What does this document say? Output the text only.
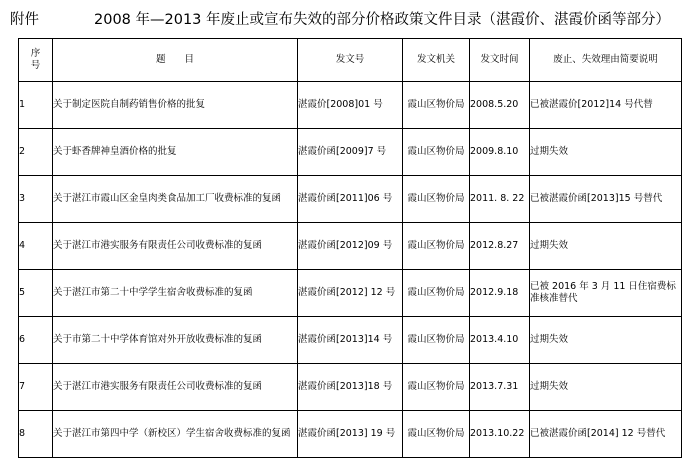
附件	2008 年—2013 年废止或宣布失效的部分价格政策文件目录（湛霞价、湛霞价函等部分）
序
号	题　　目	发文号	发文机关	发文时间	废止、失效理由简要说明
1	关于制定医院自制药销售价格的批复	湛霞价[2008]01 号	霞山区物价局	2008.5.20	已被湛霞价[2012]14 号代替
2	关于虾香牌神皇酒价格的批复	湛霞价函[2009]7 号	霞山区物价局	2009.8.10	过期失效
3	关于湛江市霞山区金皇肉类食品加工厂收费标准的复函	湛霞价函[2011]06 号	霞山区物价局	2011. 8. 22	已被湛霞价函[2013]15 号替代
4	关于湛江市港实服务有限责任公司收费标准的复函	湛霞价函[2012]09 号	霞山区物价局	2012.8.27	过期失效
5	关于湛江市第二十中学学生宿舍收费标准的复函	湛霞价函[2012] 12 号	霞山区物价局	2012.9.18	已被 2016 年 3 月 11 日住宿费标准核准替代
6	关于市第二十中学体育馆对外开放收费标准的复函	湛霞价函[2013]14 号	霞山区物价局	2013.4.10	过期失效
7	关于湛江市港实服务有限责任公司收费标准的复函	湛霞价函[2013]18 号	霞山区物价局	2013.7.31	过期失效
8	关于湛江市第四中学（新校区）学生宿舍收费标准的复函	湛霞价函[2013] 19 号	霞山区物价局	2013.10.22	已被湛霞价函[2014] 12 号替代
